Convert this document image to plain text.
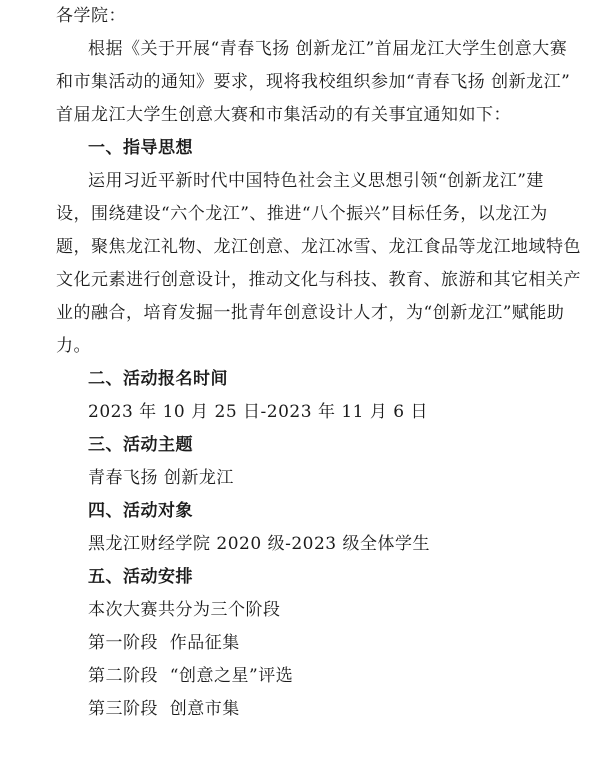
各学院：
根据《关于开展“青春飞扬 创新龙江”首届龙江大学生创意大赛
和市集活动的通知》要求，现将我校组织参加“青春飞扬 创新龙江”
首届龙江大学生创意大赛和市集活动的有关事宜通知如下：
一、指导思想
运用习近平新时代中国特色社会主义思想引领“创新龙江”建
设，围绕建设“六个龙江”、推进“八个振兴”目标任务，以龙江为
题，聚焦龙江礼物、龙江创意、龙江冰雪、龙江食品等龙江地域特色
文化元素进行创意设计，推动文化与科技、教育、旅游和其它相关产
业的融合，培育发掘一批青年创意设计人才，为“创新龙江”赋能助
力。
二、活动报名时间
2023 年 10 月 25 日-2023 年 11 月 6 日
三、活动主题
青春飞扬 创新龙江
四、活动对象
黑龙江财经学院 2020 级-2023 级全体学生
五、活动安排
本次大赛共分为三个阶段
第一阶段  作品征集
第二阶段  “创意之星”评选
第三阶段  创意市集
